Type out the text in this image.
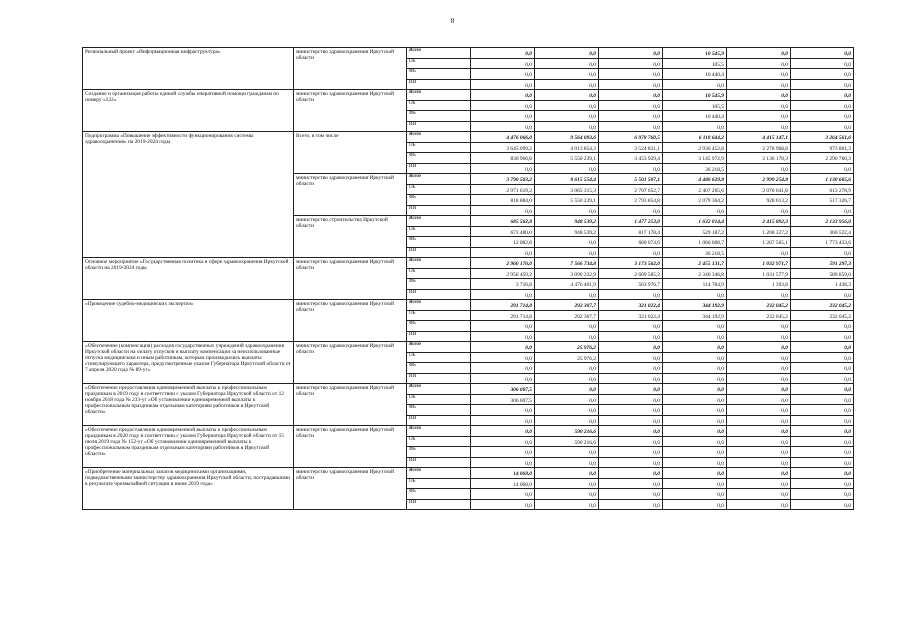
8
Региональный проект «Информационная инфраструктура»	министерство здравоохранения Иркутской области	Всего	0,0	0,0	0,0	10 545,9	0,0	0,0
		ОБ	0,0	0,0	0,0	105,5	0,0	0,0
		ФБ	0,0	0,0	0,0	10 440,4	0,0	0,0
		ИИ	0,0	0,0	0,0	0,0	0,0	0,0
Создание и организация работы единой службы оперативной помощи гражданам по номеру «122»	министерство здравоохранения Иркутской области	Всего	0,0	0,0	0,0	10 545,9	0,0	0,0
		ОБ	0,0	0,0	0,0	105,5	0,0	0,0
		ФБ	0,0	0,0	0,0	10 440,4	0,0	0,0
		ИИ	0,0	0,0	0,0	0,0	0,0	0,0
Подпрограмма «Повышение эффективности функционирования системы здравоохранения» на 2019-2024 годы	Всего, в том числе	Всего	4 476 066,0	9 564 093,6	6 978 760,5	6 118 644,2	4 415 147,1	3 264 561,6
		ОБ	3 645 099,2	4 013 854,3	3 524 831,1	2 936 452,8	2 278 968,8	973 801,3
		ФБ	830 966,8	5 550 239,1	3 453 929,4	3 145 972,9	2 136 178,3	2 290 760,3
		ИИ	0,0	0,0	0,0	36 218,5	0,0	0,0
	министерство здравоохранения Иркутской области	Всего	3 790 503,2	8 615 554,4	5 501 507,1	4 486 629,8	2 999 254,8	1 130 605,6
		ОБ	2 971 619,2	3 065 315,3	2 707 652,7	2 407 265,6	2 070 641,8	613 278,9
		ФБ	818 884,0	5 550 239,1	2 793 854,8	2 079 364,2	928 613,2	517 326,7
		ИИ	0,0	0,0	0,0	0,0	0,0	0,0
	министерство строительства Иркутской области	Всего	685 562,8	948 539,2	1 477 253,0	1 632 014,4	2 415 892,3	2 133 956,0
		ОБ	673 480,0	948 539,2	817 178,4	529 187,2	1 208 327,2	360 522,4
		ФБ	12 082,8	0,0	660 074,6	1 066 608,7	1 207 565,1	1 773 433,6
		ИИ	0,0	0,0	0,0	36 218,5	0,0	0,0
Основное мероприятие «Государственная политика в сфере здравоохранения Иркутской области на 2019-2024 годы	министерство здравоохранения Иркутской области	Всего	2 960 176,0	7 566 734,8	3 173 562,0	2 455 131,7	1 032 971,7	591 297,3
		ОБ	2 956 459,2	3 090 332,9	2 609 585,3	2 340 346,8	1 031 577,9	589 859,0
		ФБ	3 716,8	4 476 401,9	563 976,7	114 784,9	1 393,8	1 438,3
		ИИ	0,0	0,0	0,0	0,0	0,0	0,0
«Проведение судебно-медицинских экспертиз»	министерство здравоохранения Иркутской области	Всего	291 714,8	292 307,7	321 022,4	344 192,9	232 045,2	232 045,2
		ОБ	291 714,8	292 307,7	321 022,4	344 192,9	232 045,2	232 045,2
		ФБ	0,0	0,0	0,0	0,0	0,0	0,0
		ИИ	0,0	0,0	0,0	0,0	0,0	0,0
«Обеспечение (компенсация) расходов государственных учреждений здравоохранения Иркутской области на оплату отпусков и выплату компенсации за неиспользованные отпуска медицинским и иным работникам, которым производились выплаты стимулирующего характера, предусмотренные указом Губернатора Иркутской области от 7 апреля 2020 года № 89-уг»	министерство здравоохранения Иркутской области	Всего	0,0	25 976,2	0,0	0,0	0,0	0,0
		ОБ	0,0	25 976,2	0,0	0,0	0,0	0,0
		ФБ	0,0	0,0	0,0	0,0	0,0	0,0
		ИИ	0,0	0,0	0,0	0,0	0,0	0,0
«Обеспечение предоставления единовременной выплаты к профессиональным праздникам в 2019 году в соответствии с указом Губернатора Иркутской области от 12 ноября 2018 года № 233-уг «Об установлении единовременной выплаты к профессиональным праздникам отдельным категориям работников в Иркутской области»	министерство здравоохранения Иркутской области	Всего	306 007,5	0,0	0,0	0,0	0,0	0,0
		ОБ	306 007,5	0,0	0,0	0,0	0,0	0,0
		ФБ	0,0	0,0	0,0	0,0	0,0	0,0
		ИИ	0,0	0,0	0,0	0,0	0,0	0,0
«Обеспечение предоставления единовременной выплаты к профессиональным праздникам в 2020 году в соответствии с указом Губернатора Иркутской области от 15 июля 2019 года № 152-уг «Об установлении единовременной выплаты к профессиональным праздникам отдельным категориям работников в Иркутской области»	министерство здравоохранения Иркутской области	Всего	0,0	590 216,6	0,0	0,0	0,0	0,0
		ОБ	0,0	590 216,6	0,0	0,0	0,0	0,0
		ФБ	0,0	0,0	0,0	0,0	0,0	0,0
		ИИ	0,0	0,0	0,0	0,0	0,0	0,0
«Приобретение материальных запасов медицинскими организациями, подведомственными министерству здравоохранения Иркутской области, пострадавшими в результате чрезвычайной ситуации в июне 2019 года»	министерство здравоохранения Иркутской области	Всего	14 068,0	0,0	0,0	0,0	0,0	0,0
		ОБ	14 068,0	0,0	0,0	0,0	0,0	0,0
		ФБ	0,0	0,0	0,0	0,0	0,0	0,0
		ИИ	0,0	0,0	0,0	0,0	0,0	0,0
